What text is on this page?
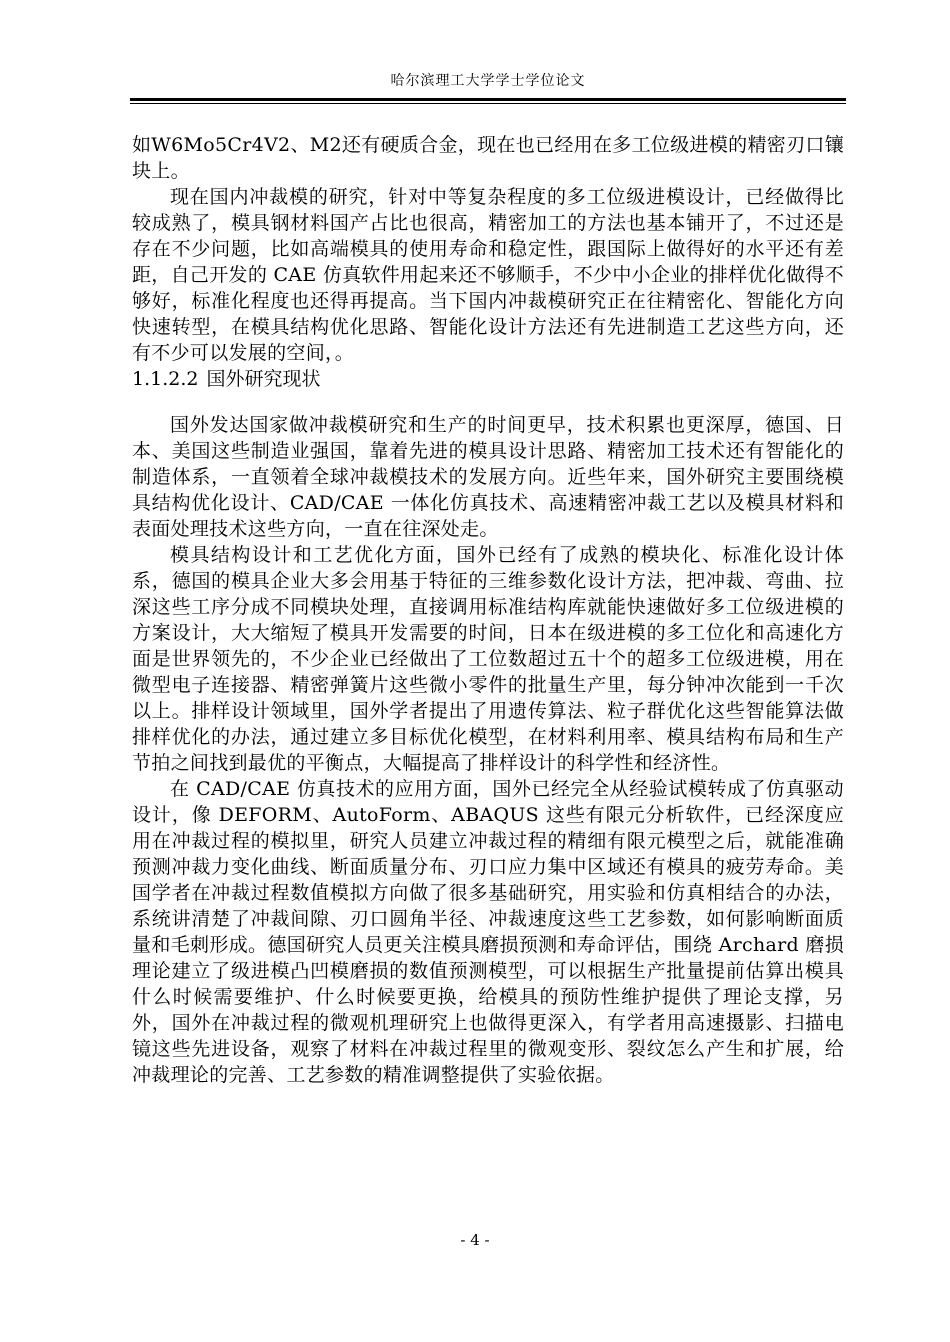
哈尔滨理工大学学士学位论文

如W6Mo5Cr4V2、M2还有硬质合金，现在也已经用在多工位级进模的精密刃口镶块上。

现在国内冲裁模的研究，针对中等复杂程度的多工位级进模设计，已经做得比较成熟了，模具钢材料国产占比也很高，精密加工的方法也基本铺开了，不过还是存在不少问题，比如高端模具的使用寿命和稳定性，跟国际上做得好的水平还有差距，自己开发的 CAE 仿真软件用起来还不够顺手，不少中小企业的排样优化做得不够好，标准化程度也还得再提高。当下国内冲裁模研究正在往精密化、智能化方向快速转型，在模具结构优化思路、智能化设计方法还有先进制造工艺这些方向，还有不少可以发展的空间，。

1.1.2.2 国外研究现状

国外发达国家做冲裁模研究和生产的时间更早，技术积累也更深厚，德国、日本、美国这些制造业强国，靠着先进的模具设计思路、精密加工技术还有智能化的制造体系，一直领着全球冲裁模技术的发展方向。近些年来，国外研究主要围绕模具结构优化设计、CAD/CAE 一体化仿真技术、高速精密冲裁工艺以及模具材料和表面处理技术这些方向，一直在往深处走。

模具结构设计和工艺优化方面，国外已经有了成熟的模块化、标准化设计体系，德国的模具企业大多会用基于特征的三维参数化设计方法，把冲裁、弯曲、拉深这些工序分成不同模块处理，直接调用标准结构库就能快速做好多工位级进模的方案设计，大大缩短了模具开发需要的时间，日本在级进模的多工位化和高速化方面是世界领先的，不少企业已经做出了工位数超过五十个的超多工位级进模，用在微型电子连接器、精密弹簧片这些微小零件的批量生产里，每分钟冲次能到一千次以上。排样设计领域里，国外学者提出了用遗传算法、粒子群优化这些智能算法做排样优化的办法，通过建立多目标优化模型，在材料利用率、模具结构布局和生产节拍之间找到最优的平衡点，大幅提高了排样设计的科学性和经济性。

在 CAD/CAE 仿真技术的应用方面，国外已经完全从经验试模转成了仿真驱动设计，像 DEFORM、AutoForm、ABAQUS 这些有限元分析软件，已经深度应用在冲裁过程的模拟里，研究人员建立冲裁过程的精细有限元模型之后，就能准确预测冲裁力变化曲线、断面质量分布、刃口应力集中区域还有模具的疲劳寿命。美国学者在冲裁过程数值模拟方向做了很多基础研究，用实验和仿真相结合的办法，系统讲清楚了冲裁间隙、刃口圆角半径、冲裁速度这些工艺参数，如何影响断面质量和毛刺形成。德国研究人员更关注模具磨损预测和寿命评估，围绕 Archard 磨损理论建立了级进模凸凹模磨损的数值预测模型，可以根据生产批量提前估算出模具什么时候需要维护、什么时候要更换，给模具的预防性维护提供了理论支撑，另外，国外在冲裁过程的微观机理研究上也做得更深入，有学者用高速摄影、扫描电镜这些先进设备，观察了材料在冲裁过程里的微观变形、裂纹怎么产生和扩展，给冲裁理论的完善、工艺参数的精准调整提供了实验依据。

- 4 -
